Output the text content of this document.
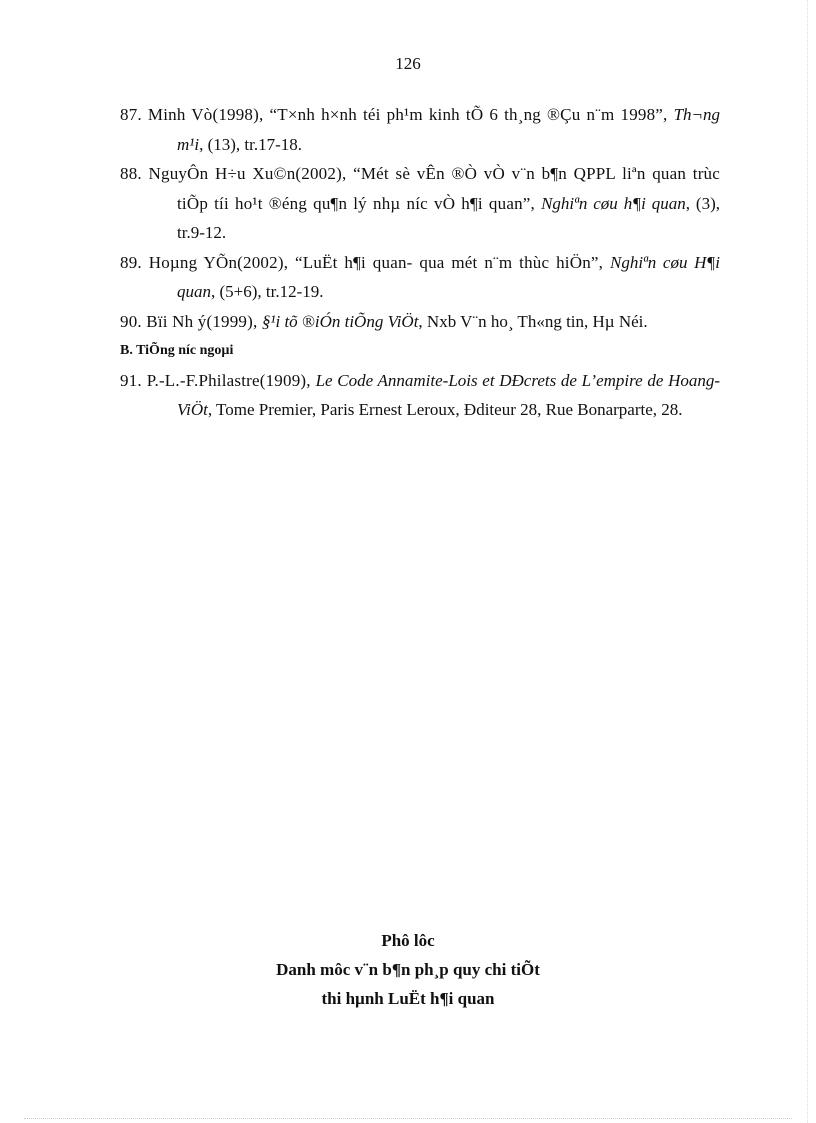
126

87. Minh Vò(1998), “T×nh h×nh téi ph¹m kinh tÕ 6 th¸ng ®Çu n¨m 1998”, Th¬ng m¹i, (13), tr.17-18.

88. NguyÔn H÷u Xu©n(2002), “Mét sè vÊn ®Ò vÒ v¨n b¶n QPPL liªn quan trùc tiÕp tíi ho¹t ®éng qu¶n lý nhµ níc vÒ h¶i quan”, Nghiªn cøu h¶i quan, (3), tr.9-12.

89. Hoµng YÕn(2002), “LuËt h¶i quan- qua mét n¨m thùc hiÖn”, Nghiªn cøu H¶i quan, (5+6), tr.12-19.

90. Bïi Nh ý(1999), §¹i tõ ®iÓn tiÕng ViÖt, Nxb V¨n ho¸ Th«ng tin, Hµ Néi.

B. TiÕng níc ngoµi

91. P.-L.-F.Philastre(1909), Le Code Annamite-Lois et DÐcrets de L’empire de Hoang-ViÖt, Tome Premier, Paris Ernest Leroux, Ðditeur 28, Rue Bonarparte, 28.

Phô lôc
Danh môc v¨n b¶n ph¸p quy chi tiÕt
thi hµnh LuËt h¶i quan
